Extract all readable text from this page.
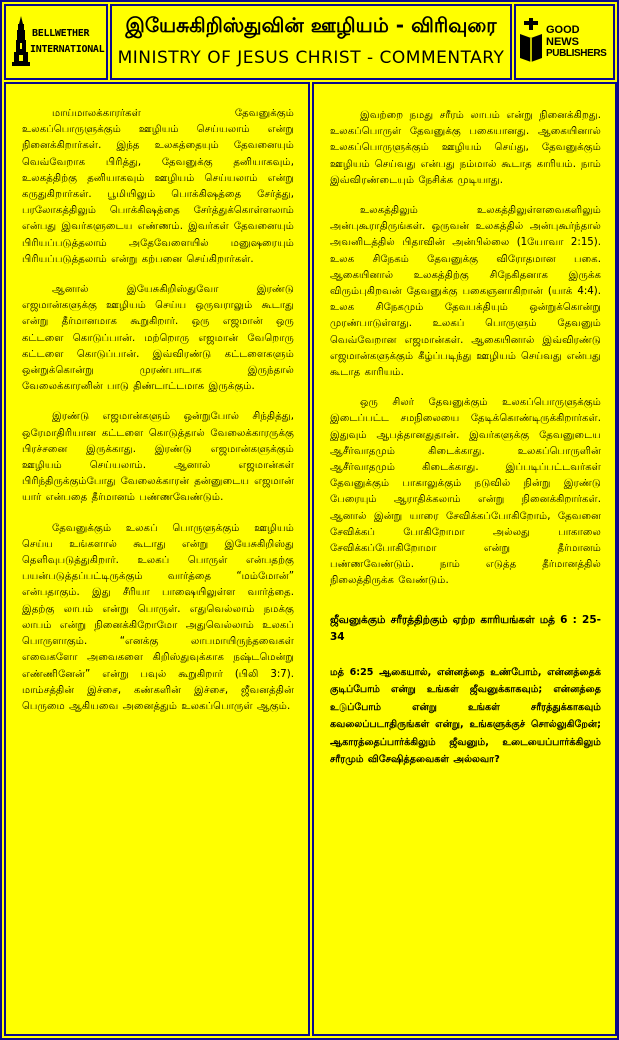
BELLWETHER
INTERNATIONAL
இயேசுகிறிஸ்துவின் ஊழியம் - விரிவுரை
MINISTRY OF JESUS CHRIST - COMMENTARY
GOOD NEWS
PUBLISHERS

மாய்மாலக்காரர்கள் தேவனுக்கும் உலகப்பொருளுக்கும் ஊழியம் செய்யலாம் என்று நினைக்கிறார்கள். இந்த உலகத்தையும் தேவனையும் வெவ்வேறாக பிரித்து, தேவனுக்கு தனியாகவும், உலகத்திற்கு தனியாகவும் ஊழியம் செய்யலாம் என்று கருதுகிறார்கள். பூமியிலும் பொக்கிஷத்தை சேர்த்து, பரலோகத்திலும் பொக்கிஷத்தை சேர்த்துக்கொள்ளலாம் என்பது இவர்களுடைய எண்ணம். இவர்கள் தேவனையும் பிரியப்படுத்தலாம் அதேவேளையில் மனுஷரையும் பிரியப்படுத்தலாம் என்று கற்பனை செய்கிறார்கள்.

ஆனால் இயேசுகிறிஸ்துவோ இரண்டு எஜமான்களுக்கு ஊழியம் செய்ய ஒருவராலும் கூடாது என்று தீர்மானமாக கூறுகிறார். ஒரு எஜமான் ஒரு கட்டளை கொடுப்பான். மற்றொரு எஜமான் வேறொரு கட்டளை கொடுப்பான். இவ்விரண்டு கட்டளைகளும் ஒன்றுக்கொன்று முரண்பாடாக இருந்தால் வேலைக்காரனின் பாடு திண்டாட்டமாக இருக்கும்.

இரண்டு எஜமான்களும் ஒன்றுபோல் சிந்தித்து, ஒரேமாதிரியான கட்டளை கொடுத்தால் வேலைக்காரருக்கு பிரச்சனை இருக்காது. இரண்டு எஜமான்களுக்கும் ஊழியம் செய்யலாம். ஆனால் எஜமான்கள் பிரிந்திருக்கும்போது வேலைக்காரன் தன்னுடைய எஜமான் யார் என்பதை தீர்மானம் பண்ணவேண்டும்.

தேவனுக்கும் உலகப் பொருளுக்கும் ஊழியம் செய்ய உங்களால் கூடாது என்று இயேசுகிறிஸ்து தெளிவுபடுத்துகிறார். உலகப் பொருள் என்பதற்கு பயன்படுத்தப்பட்டிருக்கும் வார்த்தை “மம்மோன்” என்பதாகும். இது சீரியா பாஷையிலுள்ள வார்த்தை. இதற்கு லாபம் என்று பொருள். எதுவெல்லாம் நமக்கு லாபம் என்று நினைக்கிறோமோ அதுவெல்லாம் உலகப் பொருளாகும். “எனக்கு லாபமாயிருந்தவைகள் எவைகளோ அவைகளை கிறிஸ்துவுக்காக நஷ்டமென்று எண்ணினேன்” என்று பவுல் கூறுகிறார் (பிலி 3:7). மாம்சத்தின் இச்சை, கண்களின் இச்சை, ஜீவனத்தின் பெருமை ஆகியவை அனைத்தும் உலகப்பொருள் ஆகும்.

இவற்றை நமது சரீரம் லாபம் என்று நினைக்கிறது. உலகப்பொருள் தேவனுக்கு பகையானது. ஆகையினால் உலகப்பொருளுக்கும் ஊழியம் செய்து, தேவனுக்கும் ஊழியம் செய்வது என்பது நம்மால் கூடாத காரியம். நாம் இவ்விரண்டையும் நேசிக்க முடியாது.

உலகத்திலும் உலகத்திலுள்ளவைகளிலும் அன்புகூராதிருங்கள். ஒருவன் உலகத்தில் அன்புகூர்ந்தால் அவனிடத்தில் பிதாவின் அன்பில்லை (1யோவா 2:15). உலக சிநேகம் தேவனுக்கு விரோதமான பகை. ஆகையினால் உலகத்திற்கு சிநேகிதனாக இருக்க விரும்புகிறவன் தேவனுக்கு பகைஞனாகிறான் (யாக் 4:4). உலக சிநேகமும் தேவபக்தியும் ஒன்றுக்கொன்று முரண்பாடுள்ளது. உலகப் பொருளும் தேவனும் வெவ்வேறான எஜமான்கள். ஆகையினால் இவ்விரண்டு எஜமான்களுக்கும் கீழ்ப்படிந்து ஊழியம் செய்வது என்பது கூடாத காரியம்.

ஒரு சிலர் தேவனுக்கும் உலகப்பொருளுக்கும் இடைப்பட்ட சமநிலையை தேடிக்கொண்டிருக்கிறார்கள். இதுவும் ஆபத்தானதுதான். இவர்களுக்கு தேவனுடைய ஆசீர்வாதமும் கிடைக்காது. உலகப்பொருளின் ஆசீர்வாதமும் கிடைக்காது. இப்படிப்பட்டவர்கள் தேவனுக்கும் பாகாலுக்கும் நடுவில் நின்று இரண்டு பேரையும் ஆராதிக்கலாம் என்று நினைக்கிறார்கள். ஆனால் இன்று யாரை சேவிக்கப்போகிறோம், தேவனை சேவிக்கப் போகிறோமா அல்லது பாகாலை சேவிக்கப்போகிறோமா என்று தீர்மானம் பண்ணவேண்டும். நாம் எடுத்த தீர்மானத்தில் நிலைத்திருக்க வேண்டும்.

ஜீவனுக்கும் சரீரத்திற்கும் ஏற்ற காரியங்கள் மத் 6 : 25-34

மத் 6:25 ஆகையால், என்னத்தை உண்போம், என்னத்தைக் குடிப்போம் என்று உங்கள் ஜீவனுக்காகவும்; என்னத்தை உடுப்போம் என்று உங்கள் சரீரத்துக்காகவும் கவலைப்படாதிருங்கள் என்று, உங்களுக்குச் சொல்லுகிறேன்; ஆகாரத்தைப்பார்க்கிலும் ஜீவனும், உடையைப்பார்க்கிலும் சரீரமும் விசேஷித்தவைகள் அல்லவா?
